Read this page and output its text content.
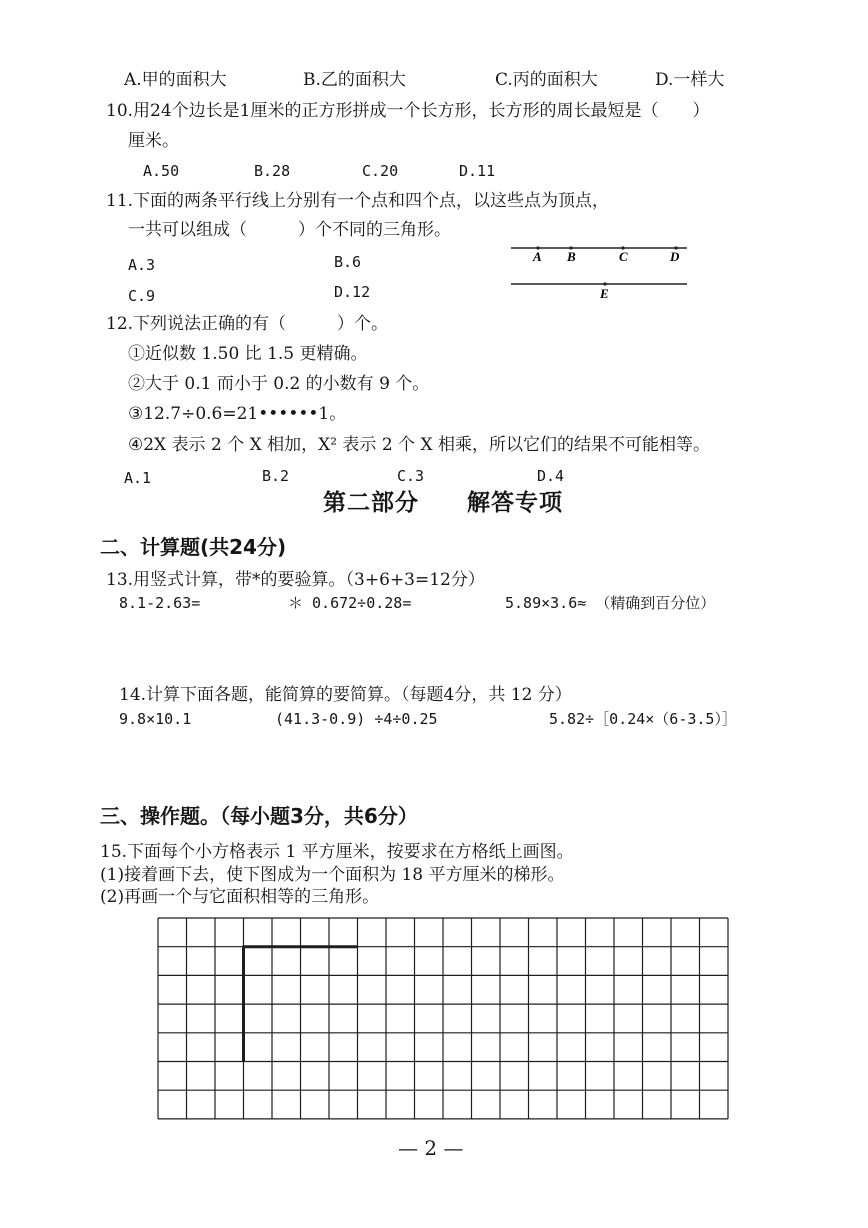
A.甲的面积大	B.乙的面积大	C.丙的面积大	D.一样大
10.用24个边长是1厘米的正方形拼成一个长方形，长方形的周长最短是（　　）
厘米。
A.50	B.28	C.20	D.11
11.下面的两条平行线上分别有一个点和四个点，以这些点为顶点，
一共可以组成（　　　）个不同的三角形。
A.3	B.6
C.9	D.12
A B	C	D
E
12.下列说法正确的有（　　　）个。
①近似数 1.50 比 1.5 更精确。
②大于 0.1 而小于 0.2 的小数有 9 个。
③12.7÷0.6=21••••••1。
④2X 表示 2 个 X 相加，X² 表示 2 个 X 相乘，所以它们的结果不可能相等。
A.1	B.2	C.3	D.4
第二部分　　解答专项
二、计算题(共24分)
13.用竖式计算，带*的要验算。（3+6+3=12分）
8.1-2.63=	＊ 0.672÷0.28=	5.89×3.6≈ （精确到百分位）
14.计算下面各题，能简算的要简算。（每题4分，共 12 分）
9.8×10.1	(41.3-0.9) ÷4÷0.25	5.82÷［0.24×（6-3.5）］
三、操作题。（每小题3分，共6分）
15.下面每个小方格表示 1 平方厘米，按要求在方格纸上画图。
(1)接着画下去，使下图成为一个面积为 18 平方厘米的梯形。
(2)再画一个与它面积相等的三角形。
— 2 —
